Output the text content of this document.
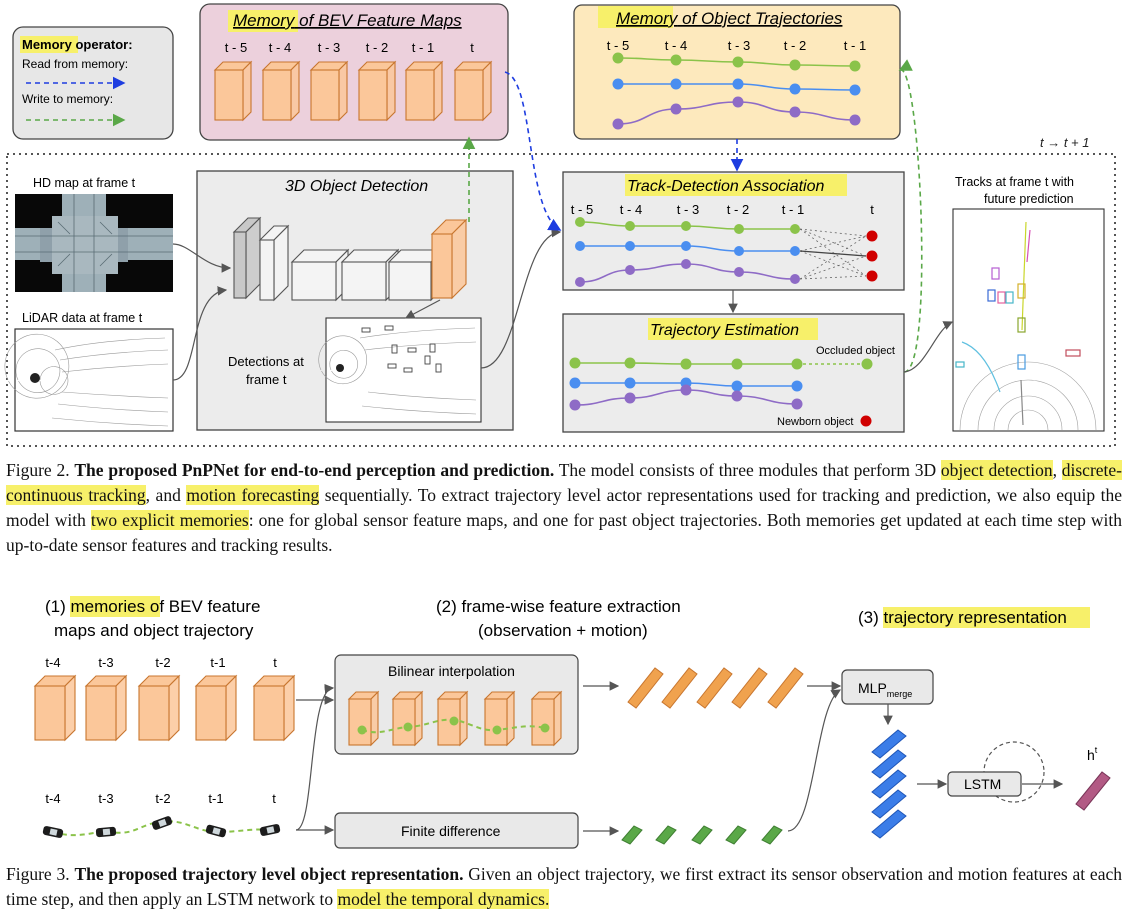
t → t + 1
Memory operator:
Read from memory:
Write to memory:
Memory of BEV Feature Maps
t - 5 t - 4 t - 3 t - 2 t - 1	t
Memory of Object Trajectories
t - 5	t - 4	t - 3	t - 2	t - 1
HD map at frame t
LiDAR data at frame t
3D Object Detection
Detections at
frame t
Track-Detection Association
t - 5 t - 4	t - 3 t - 2	t - 1	t
Trajectory Estimation
Occluded object
Newborn object
Tracks at frame t with
future prediction
(1) memories of BEV feature
maps and object trajectory
(2) frame-wise feature extraction
(observation + motion)
(3) trajectory representation
t-4	t-3	t-2	t-1	t
t-4	t-3	t-2	t-1	t
Bilinear interpolation
Finite difference
$MLP_{merge}$
LSTM
$h^t$
Figure 2. The proposed PnPNet for end-to-end perception and prediction. The model consists of three modules that perform 3D object detection, discrete-continuous tracking, and motion forecasting sequentially. To extract trajectory level actor representations used for tracking and prediction, we also equip the model with two explicit memories: one for global sensor feature maps, and one for past object trajectories. Both memories get updated at each time step with up-to-date sensor features and tracking results.
Figure 3. The proposed trajectory level object representation. Given an object trajectory, we first extract its sensor observation and motion features at each time step, and then apply an LSTM network to model the temporal dynamics.
